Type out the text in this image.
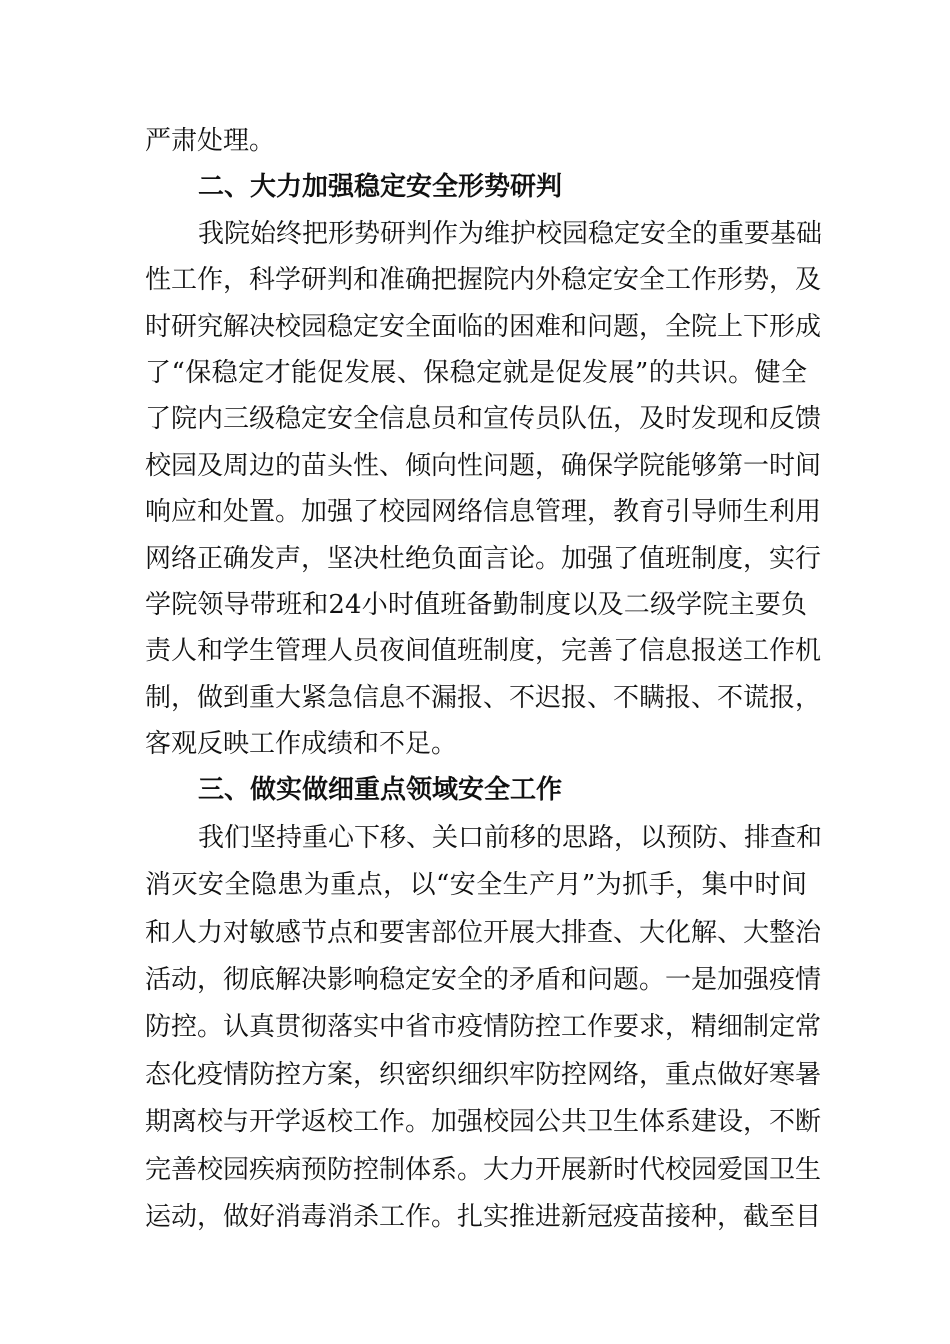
严肃处理。
二、大力加强稳定安全形势研判
我院始终把形势研判作为维护校园稳定安全的重要基础
性工作，科学研判和准确把握院内外稳定安全工作形势，及
时研究解决校园稳定安全面临的困难和问题，全院上下形成
了“保稳定才能促发展、保稳定就是促发展”的共识。健全
了院内三级稳定安全信息员和宣传员队伍，及时发现和反馈
校园及周边的苗头性、倾向性问题，确保学院能够第一时间
响应和处置。加强了校园网络信息管理，教育引导师生利用
网络正确发声，坚决杜绝负面言论。加强了值班制度，实行
学院领导带班和24小时值班备勤制度以及二级学院主要负
责人和学生管理人员夜间值班制度，完善了信息报送工作机
制，做到重大紧急信息不漏报、不迟报、不瞒报、不谎报，
客观反映工作成绩和不足。
三、做实做细重点领域安全工作
我们坚持重心下移、关口前移的思路，以预防、排查和
消灭安全隐患为重点，以“安全生产月”为抓手，集中时间
和人力对敏感节点和要害部位开展大排查、大化解、大整治
活动，彻底解决影响稳定安全的矛盾和问题。一是加强疫情
防控。认真贯彻落实中省市疫情防控工作要求，精细制定常
态化疫情防控方案，织密织细织牢防控网络，重点做好寒暑
期离校与开学返校工作。加强校园公共卫生体系建设，不断
完善校园疾病预防控制体系。大力开展新时代校园爱国卫生
运动，做好消毒消杀工作。扎实推进新冠疫苗接种，截至目
